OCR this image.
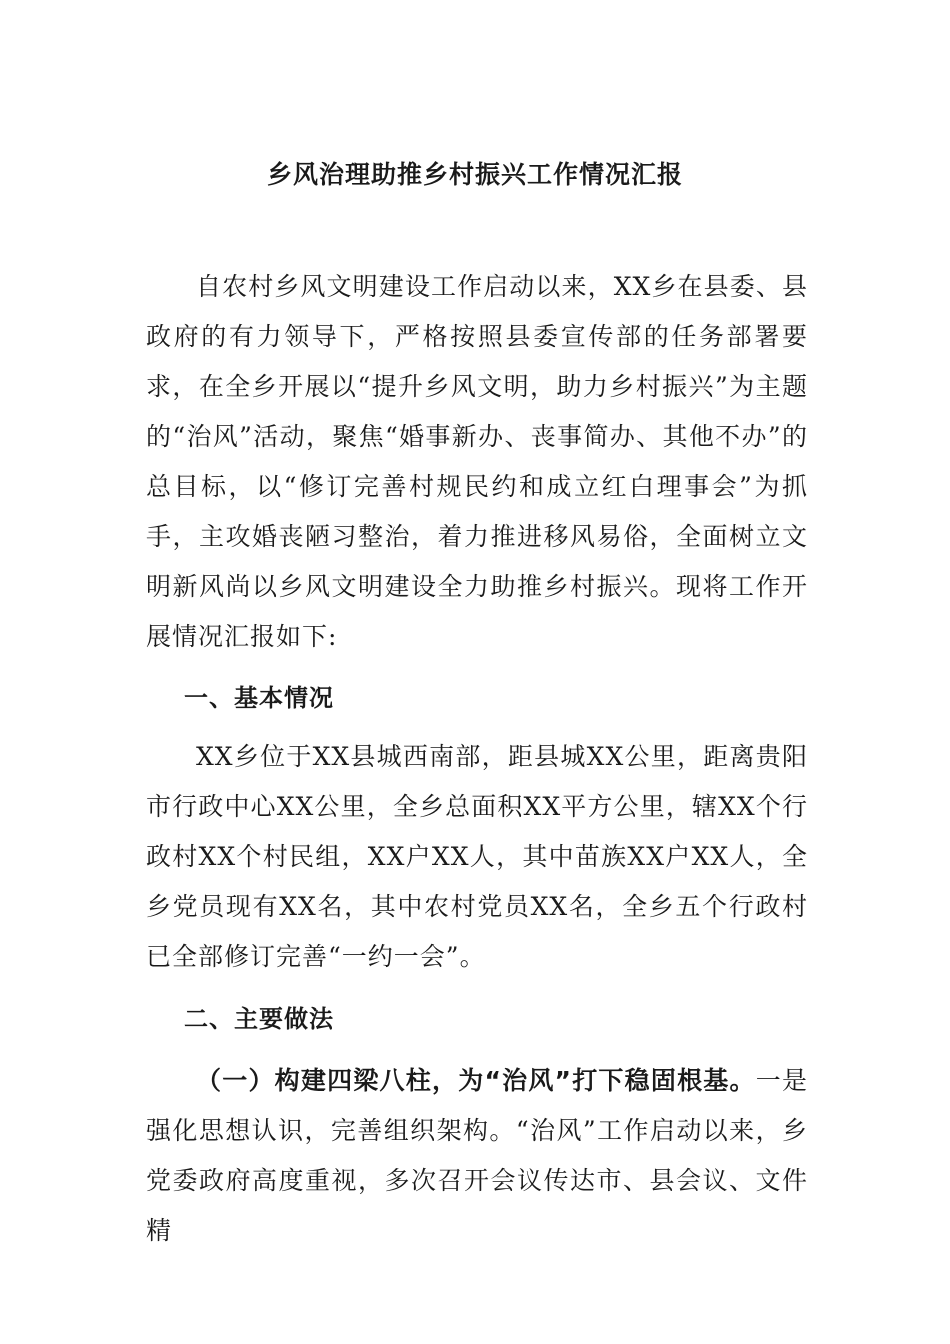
乡风治理助推乡村振兴工作情况汇报

自农村乡风文明建设工作启动以来，XX乡在县委、县政府的有力领导下，严格按照县委宣传部的任务部署要求，在全乡开展以“提升乡风文明，助力乡村振兴”为主题的“治风”活动，聚焦“婚事新办、丧事简办、其他不办”的总目标，以“修订完善村规民约和成立红白理事会”为抓手，主攻婚丧陋习整治，着力推进移风易俗，全面树立文明新风尚以乡风文明建设全力助推乡村振兴。现将工作开展情况汇报如下:

一、基本情况

XX乡位于XX县城西南部，距县城XX公里，距离贵阳市行政中心XX公里，全乡总面积XX平方公里，辖XX个行政村XX个村民组，XX户XX人，其中苗族XX户XX人，全乡党员现有XX名，其中农村党员XX名，全乡五个行政村已全部修订完善“一约一会”。

二、主要做法

（一）构建四梁八柱，为“治风”打下稳固根基。一是强化思想认识，完善组织架构。“治风”工作启动以来，乡党委政府高度重视，多次召开会议传达市、县会议、文件精
